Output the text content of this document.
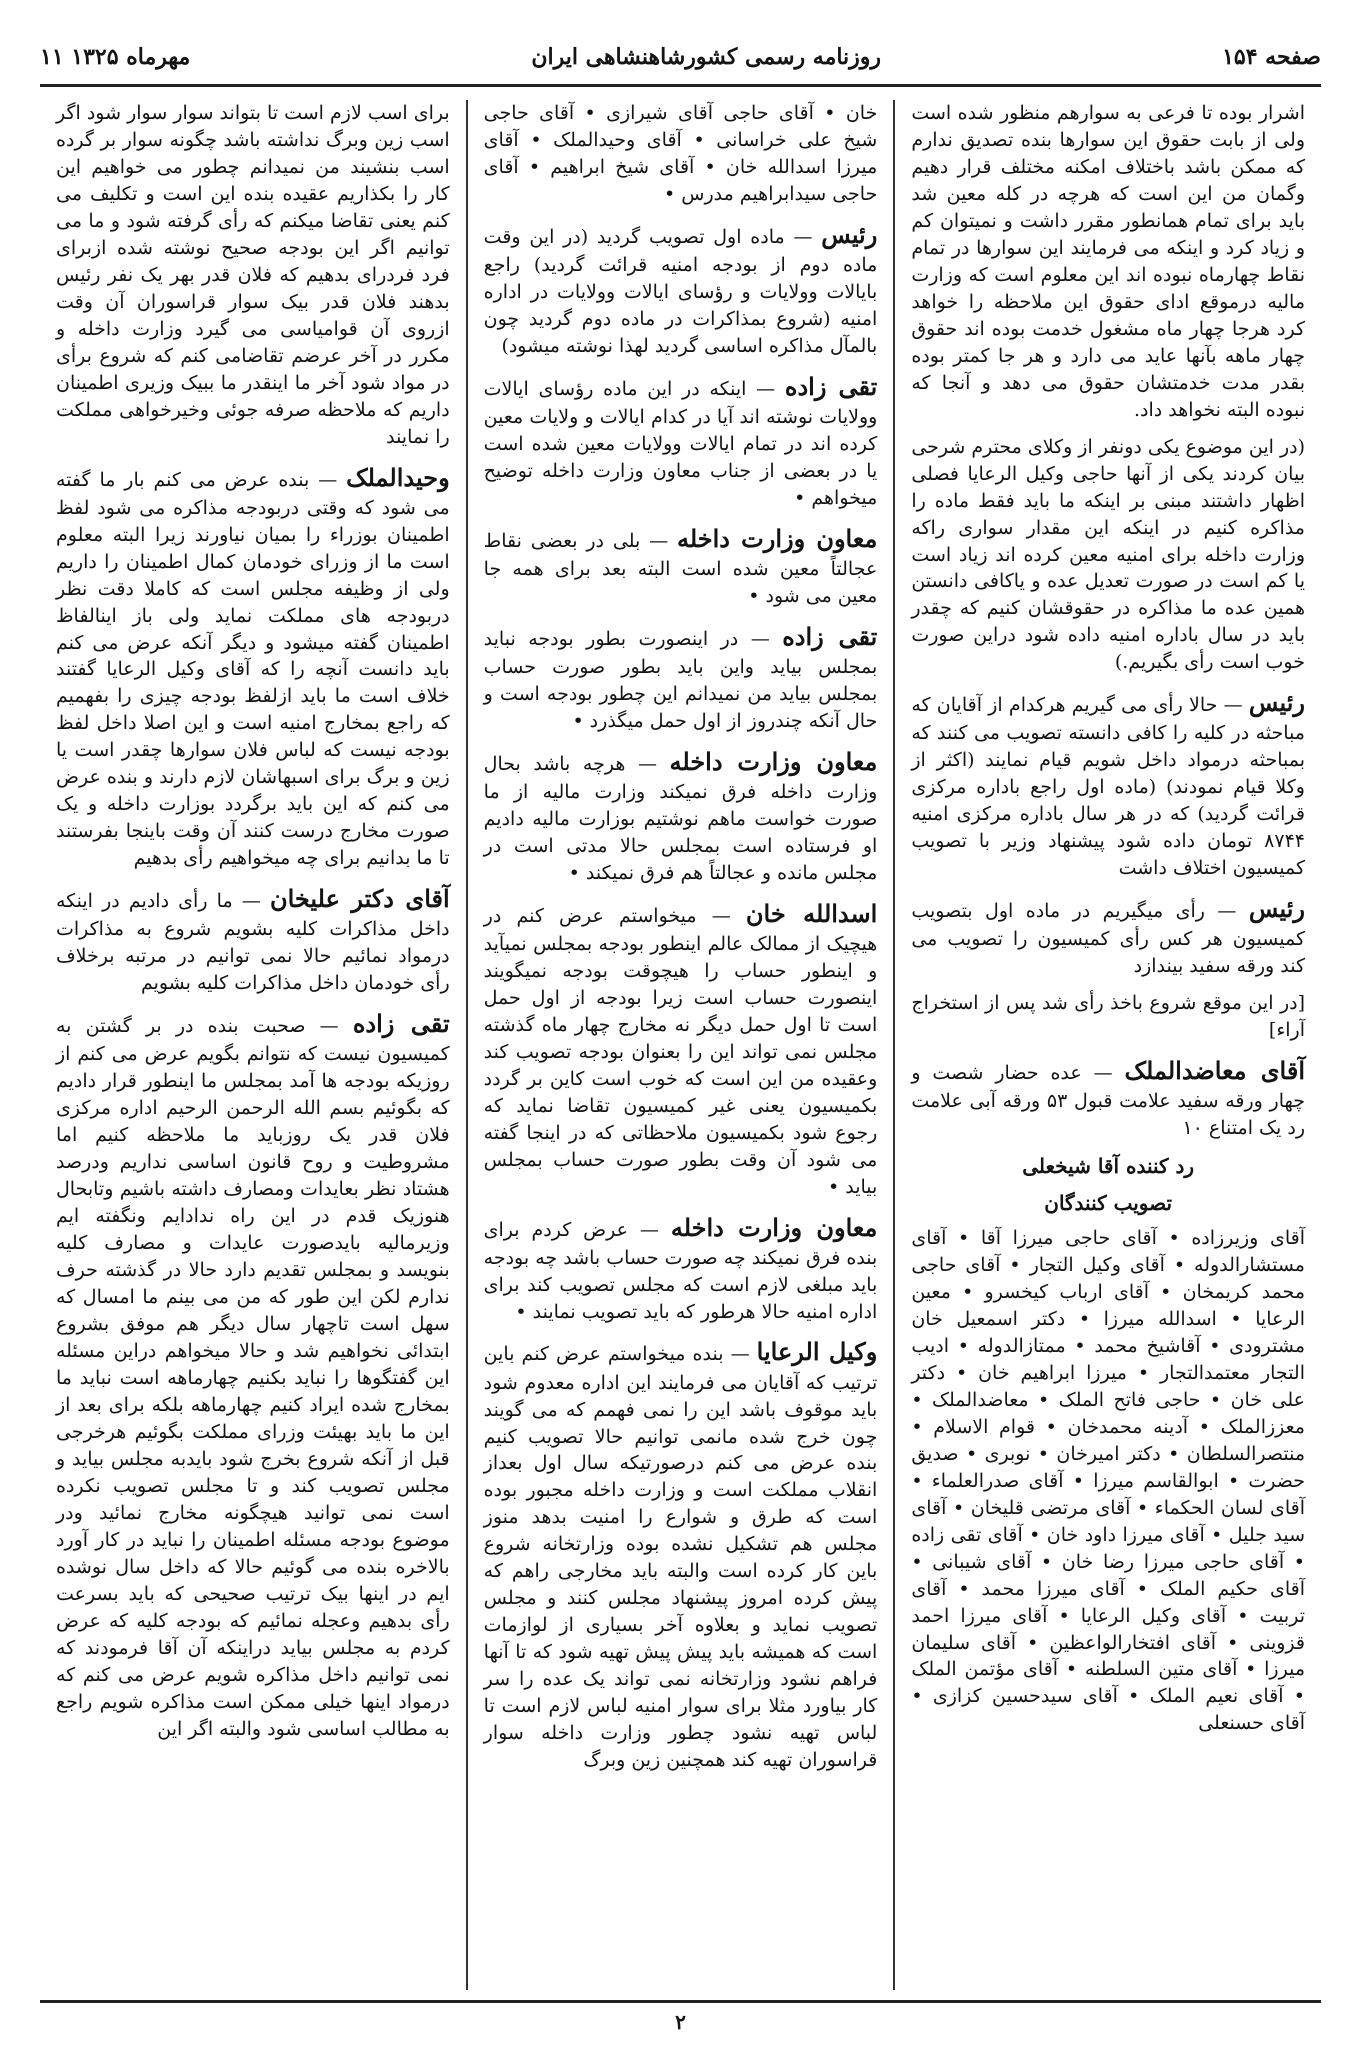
۱۱ مهرماه ۱۳۲۵	روزنامه رسمی کشورشاهنشاهی ایران	صفحه ۱۵۴

اشرار بوده تا فرعی به سوارهم منظور شده است ولی از بابت حقوق این سوارها بنده تصدیق ندارم که ممکن باشد باختلاف امکنه مختلف قرار دهیم وگمان من این است که هرچه در کله معین شد باید برای تمام همانطور مقرر داشت و نمیتوان کم و زیاد کرد و اینکه می فرمایند این سوارها در تمام نقاط چهارماه نبوده اند این معلوم است که وزارت مالیه درموقع ادای حقوق این ملاحظه را خواهد کرد هرجا چهار ماه مشغول خدمت بوده اند حقوق چهار ماهه بآنها عاید می دارد و هر جا کمتر بوده بقدر مدت خدمتشان حقوق می دهد و آنجا که نبوده البته نخواهد داد.

(در این موضوع یکی دونفر از وکلای محترم شرحی بیان کردند یکی از آنها حاجی وکیل الرعایا فصلی اظهار داشتند مبنی بر اینکه ما باید فقط ماده را مذاکره کنیم در اینکه این مقدار سواری راکه وزارت داخله برای امنیه معین کرده اند زیاد است یا کم است در صورت تعدیل عده و یاکافی دانستن همین عده ما مذاکره در حقوقشان کنیم که چقدر باید در سال باداره امنیه داده شود دراین صورت خوب است رأی بگیریم.)

رئیس — حالا رأی می گیریم هرکدام از آقایان که مباحثه در کلیه را کافی دانسته تصویب می کنند که بمباحثه درمواد داخل شویم قیام نمایند (اکثر از وکلا قیام نمودند) (ماده اول راجع باداره مرکزی قرائت گردید) که در هر سال باداره مرکزی امنیه ۸۷۴۴ تومان داده شود پیشنهاد وزیر با تصویب کمیسیون اختلاف داشت

رئیس — رأی میگیریم در ماده اول بتصویب کمیسیون هر کس رأی کمیسیون را تصویب می کند ورقه سفید بیندازد

[در این موقع شروع باخذ رأی شد پس از استخراج آراء]

آقای معاضدالملک — عده حضار شصت و چهار ورقه سفید علامت قبول ۵۳ ورقه آبی علامت رد یک امتناع ۱۰

رد کننده آقا شیخعلی
تصویب کنندگان

آقای وزیرزاده • آقای حاجی میرزا آقا • آقای مستشارالدوله • آقای وکیل التجار • آقای حاجی محمد کریمخان • آقای ارباب کیخسرو • معین الرعایا • اسدالله میرزا • دکتر اسمعیل خان مشترودی • آقاشیخ محمد • ممتازالدوله • ادیب التجار معتمدالتجار • میرزا ابراهیم خان • دکتر علی خان • حاجی فاتح الملک • معاضدالملک • معززالملک • آدینه محمدخان • قوام الاسلام • منتصرالسلطان • دکتر امیرخان • نوبری • صدیق حضرت • ابوالقاسم میرزا • آقای صدرالعلماء • آقای لسان الحکماء • آقای مرتضی قلیخان • آقای سید جلیل • آقای میرزا داود خان • آقای تقی زاده • آقای حاجی میرزا رضا خان • آقای شیبانی • آقای حکیم الملک • آقای میرزا محمد • آقای تربیت • آقای وکیل الرعایا • آقای میرزا احمد قزوینی • آقای افتخارالواعظین • آقای سلیمان میرزا • آقای متین السلطنه • آقای مؤتمن الملک • آقای نعیم الملک • آقای سیدحسین کزازی • آقای حسنعلی

خان • آقای حاجی آقای شیرازی • آقای حاجی شیخ علی خراسانی • آقای وحیدالملک • آقای میرزا اسدالله خان • آقای شیخ ابراهیم • آقای حاجی سیدابراهیم مدرس •

رئیس — ماده اول تصویب گردید (در این وقت ماده دوم از بودجه امنیه قرائت گردید) راجع بایالات وولایات و رؤسای ایالات وولایات در اداره امنیه (شروع بمذاکرات در ماده دوم گردید چون بالمآل مذاکره اساسی گردید لهذا نوشته میشود)

تقی زاده — اینکه در این ماده رؤسای ایالات وولایات نوشته اند آیا در کدام ایالات و ولایات معین کرده اند در تمام ایالات وولایات معین شده است یا در بعضی از جناب معاون وزارت داخله توضیح میخواهم •

معاون وزارت داخله — بلی در بعضی نقاط عجالتاً معین شده است البته بعد برای همه جا معین می شود •

تقی زاده — در اینصورت بطور بودجه نباید بمجلس بیاید واین باید بطور صورت حساب بمجلس بیاید من نمیدانم این چطور بودجه است و حال آنکه چندروز از اول حمل میگذرد •

معاون وزارت داخله — هرچه باشد بحال وزارت داخله فرق نمیکند وزارت مالیه از ما صورت خواست ماهم نوشتیم بوزارت مالیه دادیم او فرستاده است بمجلس حالا مدتی است در مجلس مانده و عجالتاً هم فرق نمیکند •

اسدالله خان — میخواستم عرض کنم در هیچیک از ممالک عالم اینطور بودجه بمجلس نمیآید و اینطور حساب را هیچوقت بودجه نمیگویند اینصورت حساب است زیرا بودجه از اول حمل است تا اول حمل دیگر نه مخارج چهار ماه گذشته مجلس نمی تواند این را بعنوان بودجه تصویب کند وعقیده من این است که خوب است کاین بر گردد بکمیسیون یعنی غیر کمیسیون تقاضا نماید که رجوع شود بکمیسیون ملاحظاتی که در اینجا گفته می شود آن وقت بطور صورت حساب بمجلس بیاید •

معاون وزارت داخله — عرض کردم برای بنده فرق نمیکند چه صورت حساب باشد چه بودجه باید مبلغی لازم است که مجلس تصویب کند برای اداره امنیه حالا هرطور که باید تصویب نمایند •

وکیل الرعایا — بنده میخواستم عرض کنم باین ترتیب که آقایان می فرمایند این اداره معدوم شود باید موقوف باشد این را نمی فهمم که می گویند چون خرج شده مانمی توانیم حالا تصویب کنیم بنده عرض می کنم درصورتیکه سال اول بعداز انقلاب مملکت است و وزارت داخله مجبور بوده است که طرق و شوارع را امنیت بدهد منوز مجلس هم تشکیل نشده بوده وزارتخانه شروع باین کار کرده است والبته باید مخارجی راهم که پیش کرده امروز پیشنهاد مجلس کنند و مجلس تصویب نماید و بعلاوه آخر بسیاری از لوازمات است که همیشه باید پیش پیش تهیه شود که تا آنها فراهم نشود وزارتخانه نمی تواند یک عده را سر کار بیاورد مثلا برای سوار امنیه لباس لازم است تا لباس تهیه نشود چطور وزارت داخله سوار قراسوران تهیه کند همچنین زین وبرگ

برای اسب لازم است تا بتواند سوار سوار شود اگر اسب زین وبرگ نداشته باشد چگونه سوار بر گرده اسب بنشیند من نمیدانم چطور می خواهیم این کار را بکذاریم عقیده بنده این است و تکلیف می کنم یعنی تقاضا میکنم که رأی گرفته شود و ما می توانیم اگر این بودجه صحیح نوشته شده ازبرای فرد فردرای بدهیم که فلان قدر بهر یک نفر رئیس بدهند فلان قدر بیک سوار قراسوران آن وقت ازروی آن قوامیاسی می گیرد وزارت داخله و مکرر در آخر عرضم تقاضامی کنم که شروع برأی در مواد شود آخر ما اینقدر ما ببیک وزیری اطمینان داریم که ملاحظه صرفه جوئی وخیرخواهی مملکت را نمایند

وحیدالملک — بنده عرض می کنم بار ما گفته می شود که وقتی دربودجه مذاکره می شود لفظ اطمینان بوزراء را بمیان نیاورند زیرا البته معلوم است ما از وزرای خودمان کمال اطمینان را داریم ولی از وظیفه مجلس است که کاملا دقت نظر دربودجه های مملکت نماید ولی باز اینالفاظ اطمینان گفته میشود و دیگر آنکه عرض می کنم باید دانست آنچه را که آقای وکیل الرعایا گفتند خلاف است ما باید ازلفظ بودجه چیزی را بفهمیم که راجع بمخارج امنیه است و این اصلا داخل لفظ بودجه نیست که لباس فلان سوارها چقدر است یا زین و برگ برای اسبهاشان لازم دارند و بنده عرض می کنم که این باید برگردد بوزارت داخله و یک صورت مخارج درست کنند آن وقت باینجا بفرستند تا ما بدانیم برای چه میخواهیم رأی بدهیم

آقای دکتر علیخان — ما رأی دادیم در اینکه داخل مذاکرات کلیه بشویم شروع به مذاکرات درمواد نمائیم حالا نمی توانیم در مرتبه برخلاف رأی خودمان داخل مذاکرات کلیه بشویم

تقی زاده — صحبت بنده در بر گشتن به کمیسیون نیست که نتوانم بگویم عرض می کنم از روزیکه بودجه ها آمد بمجلس ما اینطور قرار دادیم که بگوئیم بسم الله الرحمن الرحیم اداره مرکزی فلان قدر یک روزباید ما ملاحظه کنیم اما مشروطیت و روح قانون اساسی نداریم ودرصد هشتاد نظر بعایدات ومصارف داشته باشیم وتابحال هنوزیک قدم در این راه ندادایم ونگفته ایم وزیرمالیه بایدصورت عایدات و مصارف کلیه بنویسد و بمجلس تقدیم دارد حالا در گذشته حرف ندارم لکن این طور که من می بینم ما امسال که سهل است تاچهار سال دیگر هم موفق بشروع ابتدائی نخواهیم شد و حالا میخواهم دراین مسئله این گفتگوها را نباید بکنیم چهارماهه است نباید ما بمخارج شده ایراد کنیم چهارماهه بلکه برای بعد از این ما باید بهیئت وزرای مملکت بگوئیم هرخرجی قبل از آنکه شروع بخرج شود بایدبه مجلس بیاید و مجلس تصویب کند و تا مجلس تصویب نکرده است نمی توانید هیچگونه مخارج نمائید ودر موضوع بودجه مسئله اطمینان را نباید در کار آورد بالاخره بنده می گوئیم حالا که داخل سال نوشده ایم در اینها بیک ترتیب صحیحی که باید بسرعت رأی بدهیم وعجله نمائیم که بودجه کلیه که عرض کردم به مجلس بیاید دراینکه آن آقا فرمودند که نمی توانیم داخل مذاکره شویم عرض می کنم که درمواد اینها خیلی ممکن است مذاکره شویم راجع به مطالب اساسی شود والبته اگر این

۲
